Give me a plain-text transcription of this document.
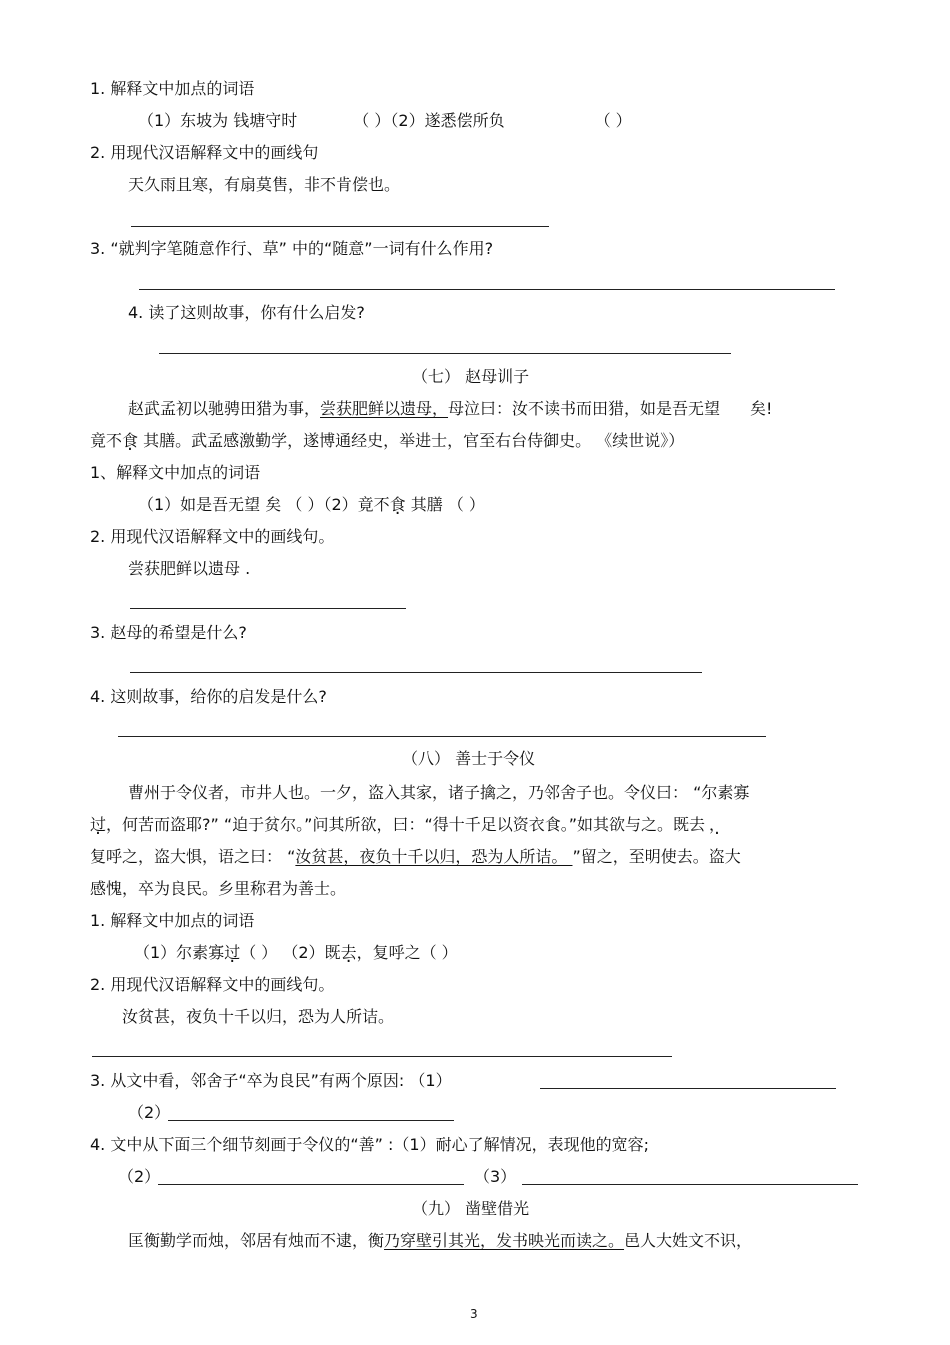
1. 解释文中加点的词语
（1）东坡为 钱塘守时	（ ）（2）遂悉偿所负	（ ）
2. 用现代汉语解释文中的画线句
天久雨且寒，有扇莫售，非不肯偿也。
3. “就判字笔随意作行、草” 中的“随意”一词有什么作用?
4. 读了这则故事，你有什么启发?
（七） 赵母训子
赵武孟初以驰骋田猎为事，尝获肥鲜以遗母，母泣曰：汝不读书而田猎，如是吾无望 矣!
竟不食 其膳。武孟感激勤学，遂博通经史，举进士，官至右台侍御史。 《续世说》）
1、解释文中加点的词语
（1）如是吾无望 矣 （ ）（2）竟不食 其膳 （ ）
2. 用现代汉语解释文中的画线句。
尝获肥鲜以遗母 .
3. 赵母的希望是什么?
4. 这则故事，给你的启发是什么?
（八） 善士于令仪
曹州于令仪者，市井人也。一夕，盗入其家，诸子擒之，乃邻舍子也。令仪曰： “尔素寡
过，何苦而盗耶?” “迫于贫尔。”问其所欲，曰：“得十千足以资衣食。”如其欲与之。既去 ， ·
复呼之，盗大惧，语之曰： “汝贫甚，夜负十千以归，恐为人所诘。 ”留之，至明使去。盗大
感愧，卒为良民。乡里称君为善士。
1. 解释文中加点的词语
（1）尔素寡过（ ） （2）既去，复呼之（ ）
2. 用现代汉语解释文中的画线句。
汝贫甚，夜负十千以归，恐为人所诘。
3. 从文中看，邻舍子“卒为良民”有两个原因: （1）
（2）
4. 文中从下面三个细节刻画于令仪的“善” :（1）耐心了解情况，表现他的宽容;
（2）	（3）
（九） 凿壁借光
匡衡勤学而烛，邻居有烛而不逮，衡乃穿壁引其光，发书映光而读之。邑人大姓文不识，
3
